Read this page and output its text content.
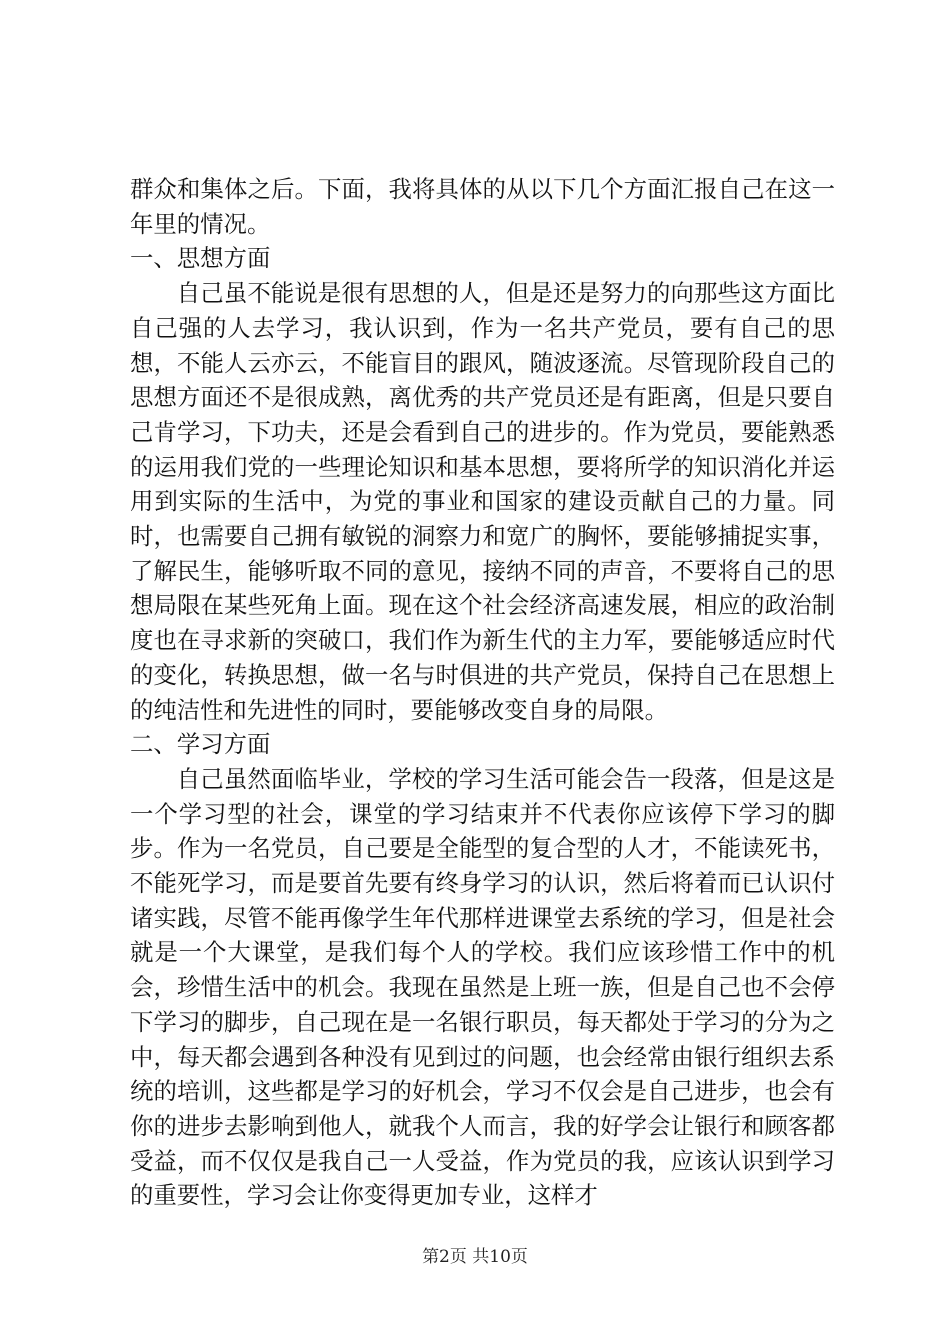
群众和集体之后。下面，我将具体的从以下几个方面汇报自己在这一年里的情况。

一、思想方面

自己虽不能说是很有思想的人，但是还是努力的向那些这方面比自己强的人去学习，我认识到，作为一名共产党员，要有自己的思想，不能人云亦云，不能盲目的跟风，随波逐流。尽管现阶段自己的思想方面还不是很成熟，离优秀的共产党员还是有距离，但是只要自己肯学习，下功夫，还是会看到自己的进步的。作为党员，要能熟悉的运用我们党的一些理论知识和基本思想，要将所学的知识消化并运用到实际的生活中，为党的事业和国家的建设贡献自己的力量。同时，也需要自己拥有敏锐的洞察力和宽广的胸怀，要能够捕捉实事，了解民生，能够听取不同的意见，接纳不同的声音，不要将自己的思想局限在某些死角上面。现在这个社会经济高速发展，相应的政治制度也在寻求新的突破口，我们作为新生代的主力军，要能够适应时代的变化，转换思想，做一名与时俱进的共产党员，保持自己在思想上的纯洁性和先进性的同时，要能够改变自身的局限。

二、学习方面

自己虽然面临毕业，学校的学习生活可能会告一段落，但是这是一个学习型的社会，课堂的学习结束并不代表你应该停下学习的脚步。作为一名党员，自己要是全能型的复合型的人才，不能读死书，不能死学习，而是要首先要有终身学习的认识，然后将着而已认识付诸实践，尽管不能再像学生年代那样进课堂去系统的学习，但是社会就是一个大课堂，是我们每个人的学校。我们应该珍惜工作中的机会，珍惜生活中的机会。我现在虽然是上班一族，但是自己也不会停下学习的脚步，自己现在是一名银行职员，每天都处于学习的分为之中，每天都会遇到各种没有见到过的问题，也会经常由银行组织去系统的培训，这些都是学习的好机会，学习不仅会是自己进步，也会有你的进步去影响到他人，就我个人而言，我的好学会让银行和顾客都受益，而不仅仅是我自己一人受益，作为党员的我，应该认识到学习的重要性，学习会让你变得更加专业，这样才

第2页 共10页
